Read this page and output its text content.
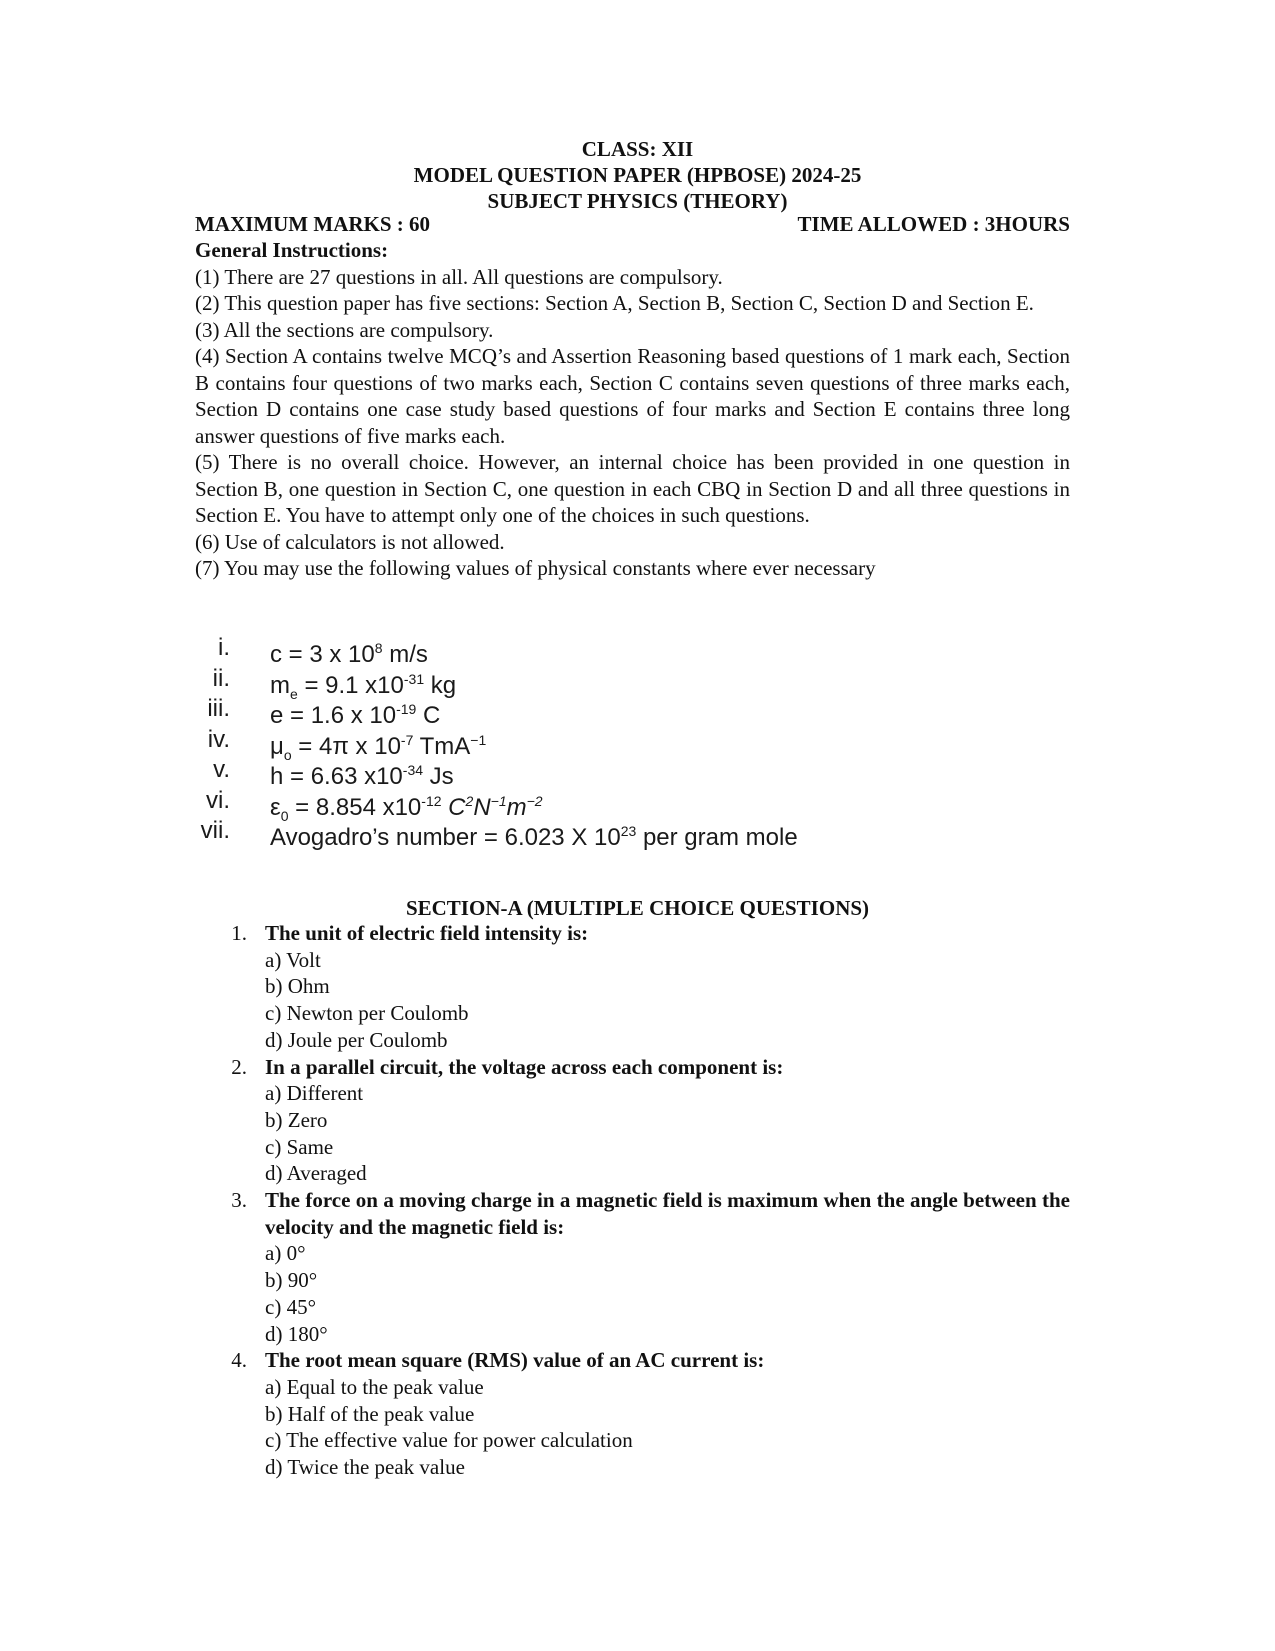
CLASS: XII
MODEL QUESTION PAPER (HPBOSE) 2024-25
SUBJECT PHYSICS (THEORY)
MAXIMUM MARKS : 60	TIME ALLOWED : 3HOURS

General Instructions:

(1) There are 27 questions in all. All questions are compulsory.

(2) This question paper has five sections: Section A, Section B, Section C, Section D and Section E.

(3) All the sections are compulsory.

(4) Section A contains twelve MCQ’s and Assertion Reasoning based questions of 1 mark each, Section B contains four questions of two marks each, Section C contains seven questions of three marks each, Section D contains one case study based questions of four marks and Section E contains three long answer questions of five marks each.

(5) There is no overall choice. However, an internal choice has been provided in one question in Section B, one question in Section C, one question in each CBQ in Section D and all three questions in Section E. You have to attempt only one of the choices in such questions.

(6) Use of calculators is not allowed.

(7) You may use the following values of physical constants where ever necessary

i. c = 3 x $10^8$ m/s
ii. $m_e = 9.1$ $x10^{-31}$ kg
iii. e = 1.6 x $10^{-19}$ C
iv. $\mu_o = 4\pi$ x $10^{-7}$ TmA$^{-1}$
v. h = 6.63 $x10^{-34}$ Js
vi. $\varepsilon_0 = 8.854$ $x10^{-12}$ $C^2N^{-1}m^{-2}$
vii. Avogadro’s number = 6.023 X $10^{23}$ per gram mole
SECTION-A (MULTIPLE CHOICE QUESTIONS)
1. The unit of electric field intensity is:
a) Volt
b) Ohm
c) Newton per Coulomb
d) Joule per Coulomb
2. In a parallel circuit, the voltage across each component is:
a) Different
b) Zero
c) Same
d) Averaged
3. The force on a moving charge in a magnetic field is maximum when the angle between the velocity and the magnetic field is:
a) 0°
b) 90°
c) 45°
d) 180°
4. The root mean square (RMS) value of an AC current is:
a) Equal to the peak value
b) Half of the peak value
c) The effective value for power calculation
d) Twice the peak value
